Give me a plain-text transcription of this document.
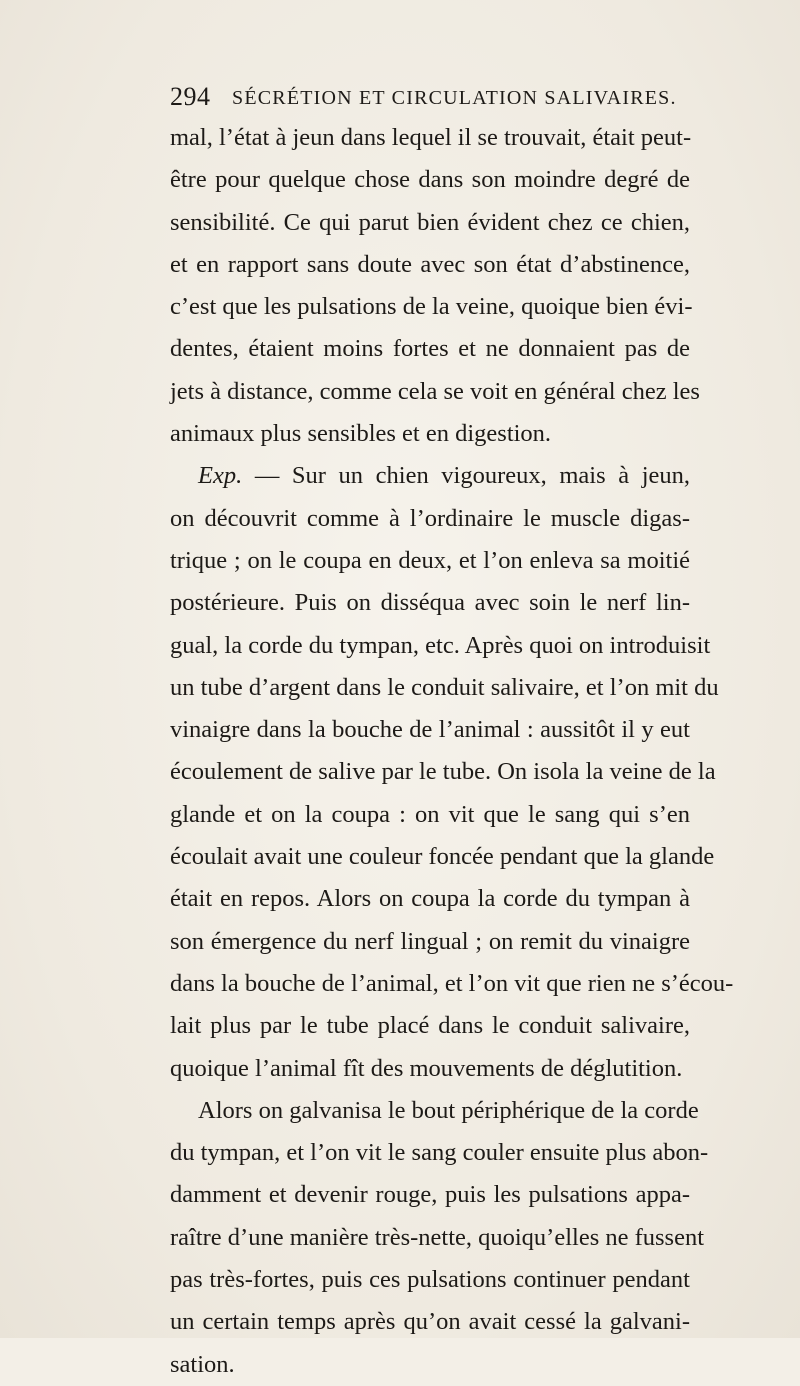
294 SÉCRÉTION ET CIRCULATION SALIVAIRES.
mal, l’état à jeun dans lequel il se trouvait, était peut-
être pour quelque chose dans son moindre degré de
sensibilité. Ce qui parut bien évident chez ce chien,
et en rapport sans doute avec son état d’abstinence,
c’est que les pulsations de la veine, quoique bien évi-
dentes, étaient moins fortes et ne donnaient pas de
jets à distance, comme cela se voit en général chez les
animaux plus sensibles et en digestion.
Exp. — Sur un chien vigoureux, mais à jeun,
on découvrit comme à l’ordinaire le muscle digas-
trique ; on le coupa en deux, et l’on enleva sa moitié
postérieure. Puis on disséqua avec soin le nerf lin-
gual, la corde du tympan, etc. Après quoi on introduisit
un tube d’argent dans le conduit salivaire, et l’on mit du
vinaigre dans la bouche de l’animal : aussitôt il y eut
écoulement de salive par le tube. On isola la veine de la
glande et on la coupa : on vit que le sang qui s’en
écoulait avait une couleur foncée pendant que la glande
était en repos. Alors on coupa la corde du tympan à
son émergence du nerf lingual ; on remit du vinaigre
dans la bouche de l’animal, et l’on vit que rien ne s’écou-
lait plus par le tube placé dans le conduit salivaire,
quoique l’animal fît des mouvements de déglutition.
Alors on galvanisa le bout périphérique de la corde
du tympan, et l’on vit le sang couler ensuite plus abon-
damment et devenir rouge, puis les pulsations appa-
raître d’une manière très-nette, quoiqu’elles ne fussent
pas très-fortes, puis ces pulsations continuer pendant
un certain temps après qu’on avait cessé la galvani-
sation.
